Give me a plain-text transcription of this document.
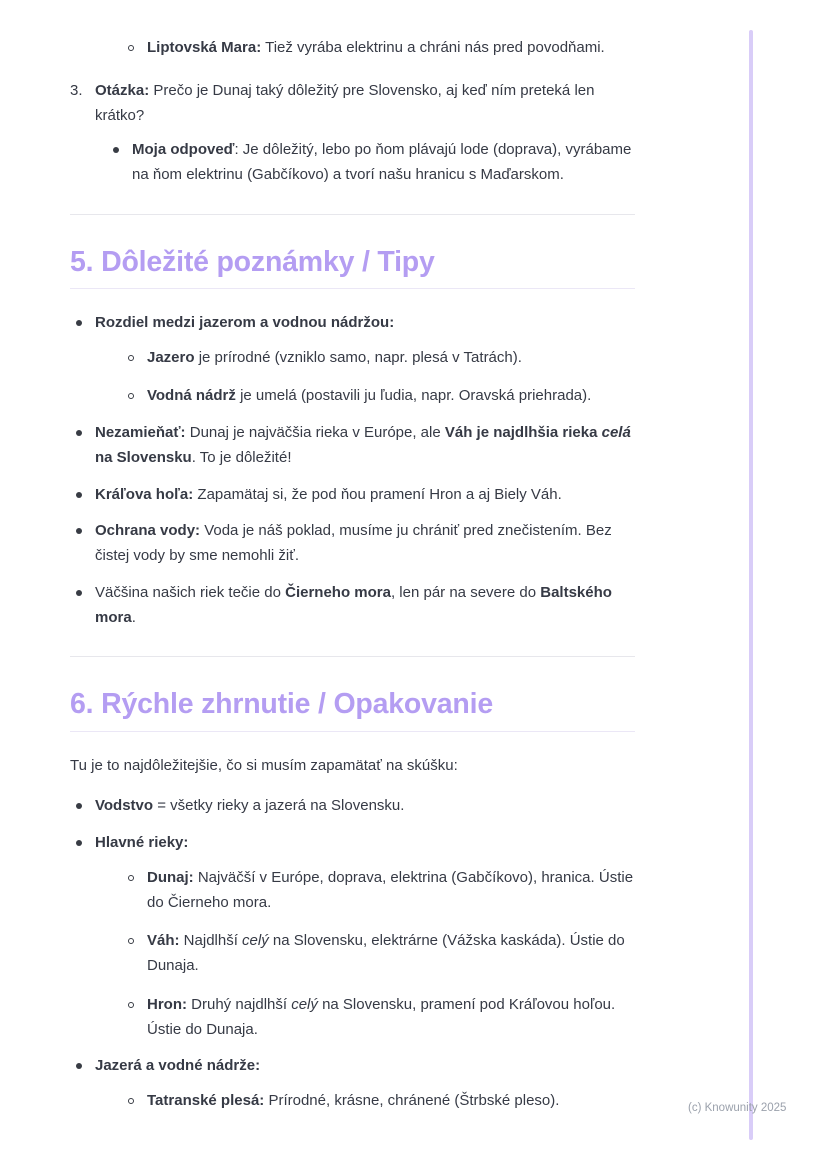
Liptovská Mara: Tiež vyrába elektrinu a chráni nás pred povodňami.

3. Otázka: Prečo je Dunaj taký dôležitý pre Slovensko, aj keď ním preteká len krátko?

Moja odpoveď: Je dôležitý, lebo po ňom plávajú lode (doprava), vyrábame na ňom elektrinu (Gabčíkovo) a tvorí našu hranicu s Maďarskom.

5. Dôležité poznámky / Tipy

Rozdiel medzi jazerom a vodnou nádržou:

Jazero je prírodné (vzniklo samo, napr. plesá v Tatrách).

Vodná nádrž je umelá (postavili ju ľudia, napr. Oravská priehrada).

Nezamieňať: Dunaj je najväčšia rieka v Európe, ale Váh je najdlhšia rieka celá na Slovensku. To je dôležité!

Kráľova hoľa: Zapamätaj si, že pod ňou pramení Hron a aj Biely Váh.

Ochrana vody: Voda je náš poklad, musíme ju chrániť pred znečistením. Bez čistej vody by sme nemohli žiť.

Väčšina našich riek tečie do Čierneho mora, len pár na severe do Baltského mora.

6. Rýchle zhrnutie / Opakovanie

Tu je to najdôležitejšie, čo si musím zapamätať na skúšku:

Vodstvo = všetky rieky a jazerá na Slovensku.

Hlavné rieky:

Dunaj: Najväčší v Európe, doprava, elektrina (Gabčíkovo), hranica. Ústie do Čierneho mora.

Váh: Najdlhší celý na Slovensku, elektrárne (Vážska kaskáda). Ústie do Dunaja.

Hron: Druhý najdlhší celý na Slovensku, pramení pod Kráľovou hoľou. Ústie do Dunaja.

Jazerá a vodné nádrže:

Tatranské plesá: Prírodné, krásne, chránené (Štrbské pleso).	(c) Knowunity 2025
